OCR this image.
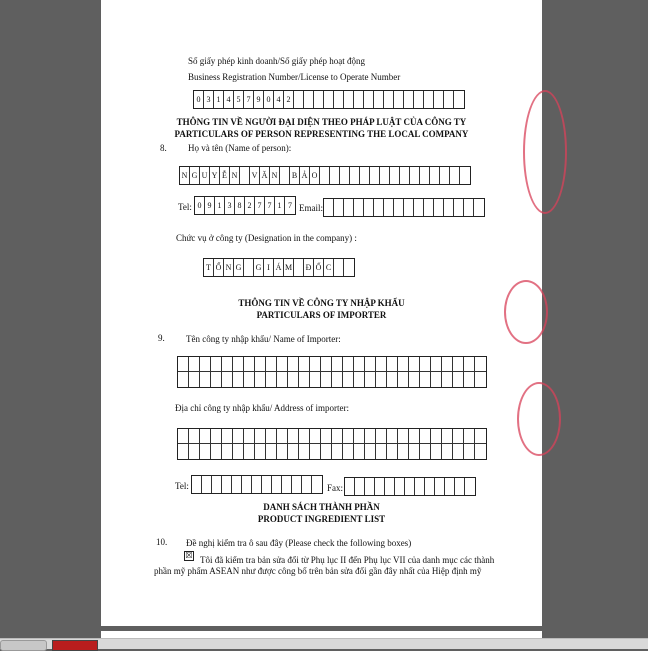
Số giấy phép kinh doanh/Số giấy phép hoạt động
Business Registration Number/License to Operate Number
0 3 1 4 5 7 9 0 4 2
THÔNG TIN VỀ NGƯỜI ĐẠI DIỆN THEO PHÁP LUẬT CỦA CÔNG TY
PARTICULARS OF PERSON REPRESENTING THE LOCAL COMPANY
8. Họ và tên (Name of person):
N G U Y Ễ N	V Ă N	B Ả O
Tel: 0 9 1 3 8 2 7 7 1 7 Email:
Chức vụ ở công ty (Designation in the company) :
T Ổ N G	G I Á M Đ Ố C
THÔNG TIN VỀ CÔNG TY NHẬP KHẨU
PARTICULARS OF IMPORTER
9. Tên công ty nhập khẩu/ Name of Importer:
Địa chỉ công ty nhập khẩu/ Address of importer:
Tel:	Fax:
DANH SÁCH THÀNH PHẦN
PRODUCT INGREDIENT LIST
10. Đề nghị kiểm tra ô sau đây (Please check the following boxes)
☒ Tôi đã kiểm tra bản sửa đổi từ Phụ lục II đến Phụ lục VII của danh mục các thành
phần mỹ phẩm ASEAN như được công bố trên bản sửa đổi gần đây nhất của Hiệp định mỹ
